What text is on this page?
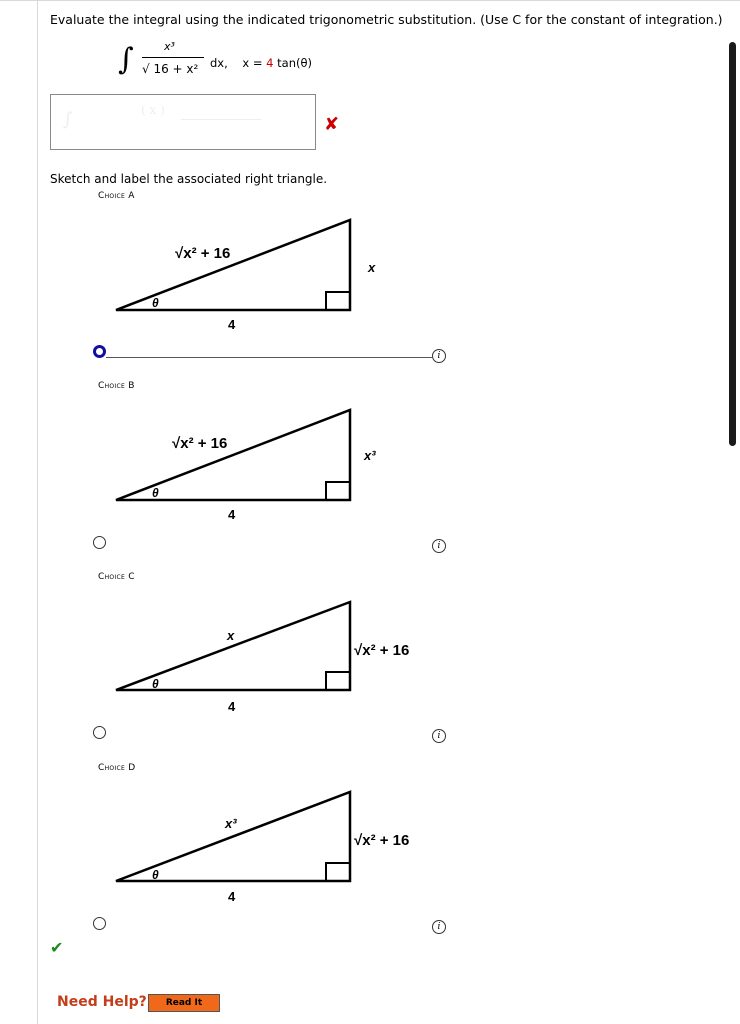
Evaluate the integral using the indicated trigonometric substitution. (Use C for the constant of integration.)
∫	x³
√ 16 + x² dx, x = 4 tan(θ)
∫	( x )
✘
Sketch and label the associated right triangle.
Choice A
√x² + 16
x
4
θ
i
Choice B
√x² + 16
x³
4
θ
i
Choice C
x
√x² + 16
4
θ
i
Choice D
x³
√x² + 16
4
θ
i
✔
Need Help?	Read It
